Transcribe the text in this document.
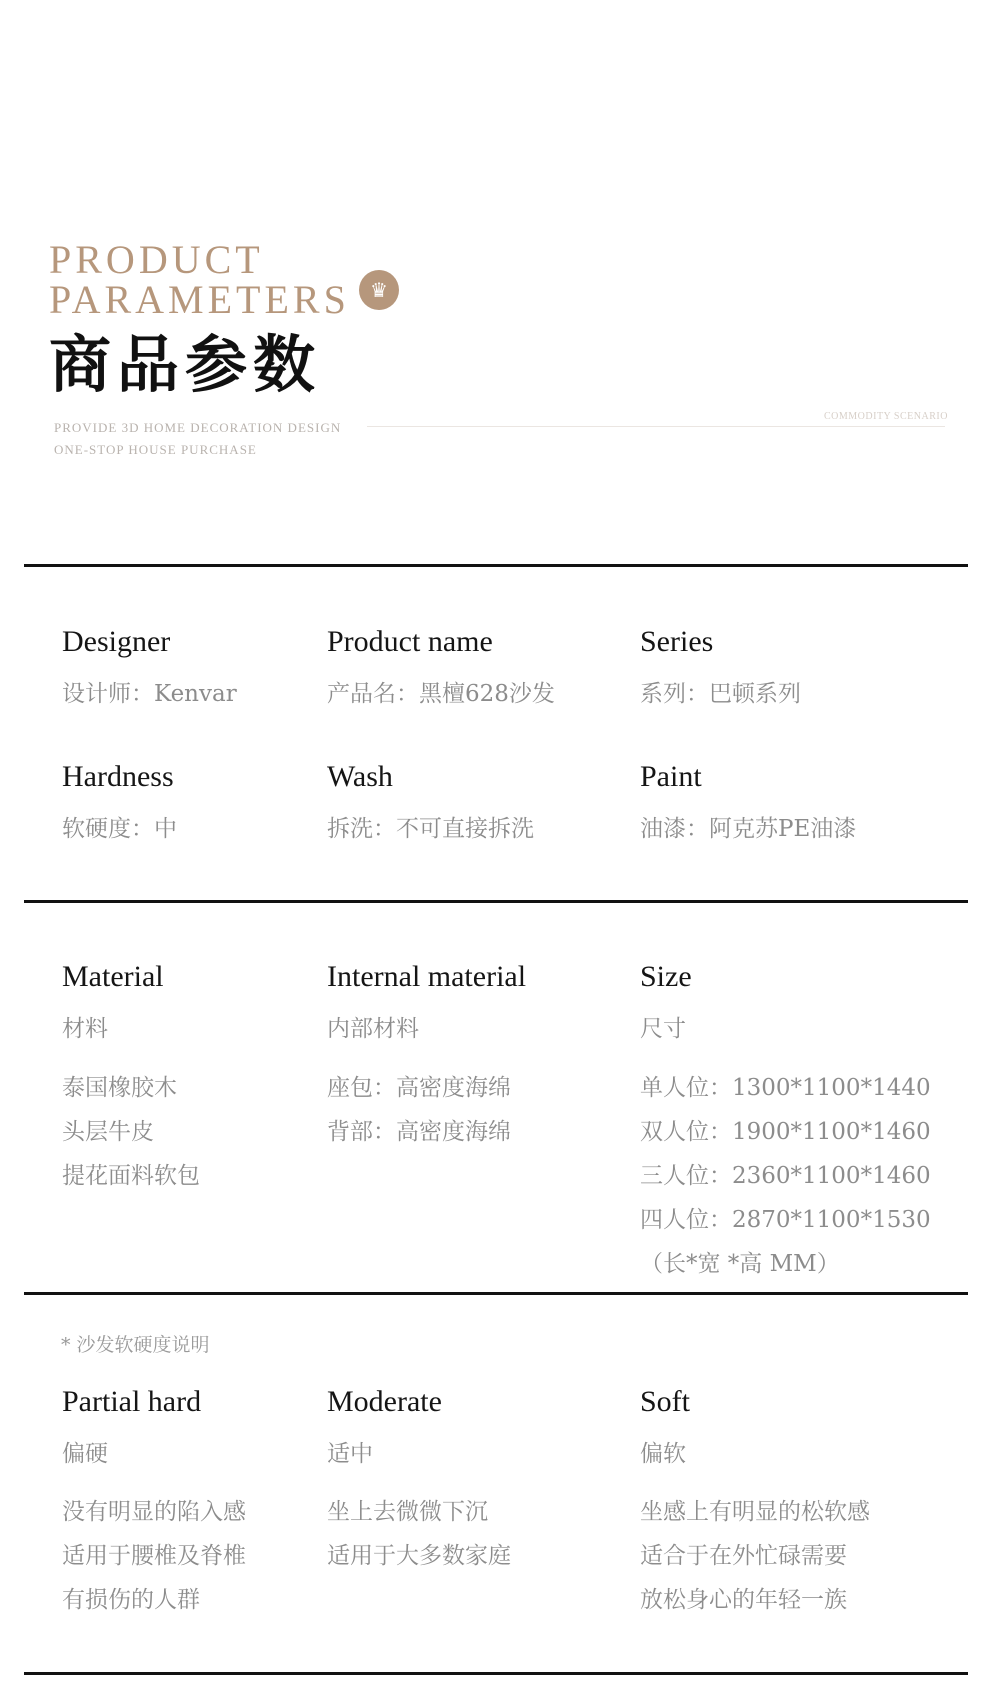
PRODUCT
PARAMETERS	♛
商品参数
PROVIDE 3D HOME DECORATION DESIGN
ONE-STOP HOUSE PURCHASE
COMMODITY SCENARIO
Designer
设计师：Kenvar
Product name
产品名：黑檀628沙发
Series
系列：巴顿系列
Hardness
软硬度：中
Wash
拆洗：不可直接拆洗
Paint
油漆：阿克苏PE油漆
Material
材料
泰国橡胶木
头层牛皮
提花面料软包
Internal material
内部材料
座包：高密度海绵
背部：高密度海绵
Size
尺寸
单人位：1300*1100*1440
双人位：1900*1100*1460
三人位：2360*1100*1460
四人位：2870*1100*1530
（长*宽 *高 MM）
* 沙发软硬度说明
Partial hard
偏硬
没有明显的陷入感
适用于腰椎及脊椎
有损伤的人群
Moderate
适中
坐上去微微下沉
适用于大多数家庭
Soft
偏软
坐感上有明显的松软感
适合于在外忙碌需要
放松身心的年轻一族
